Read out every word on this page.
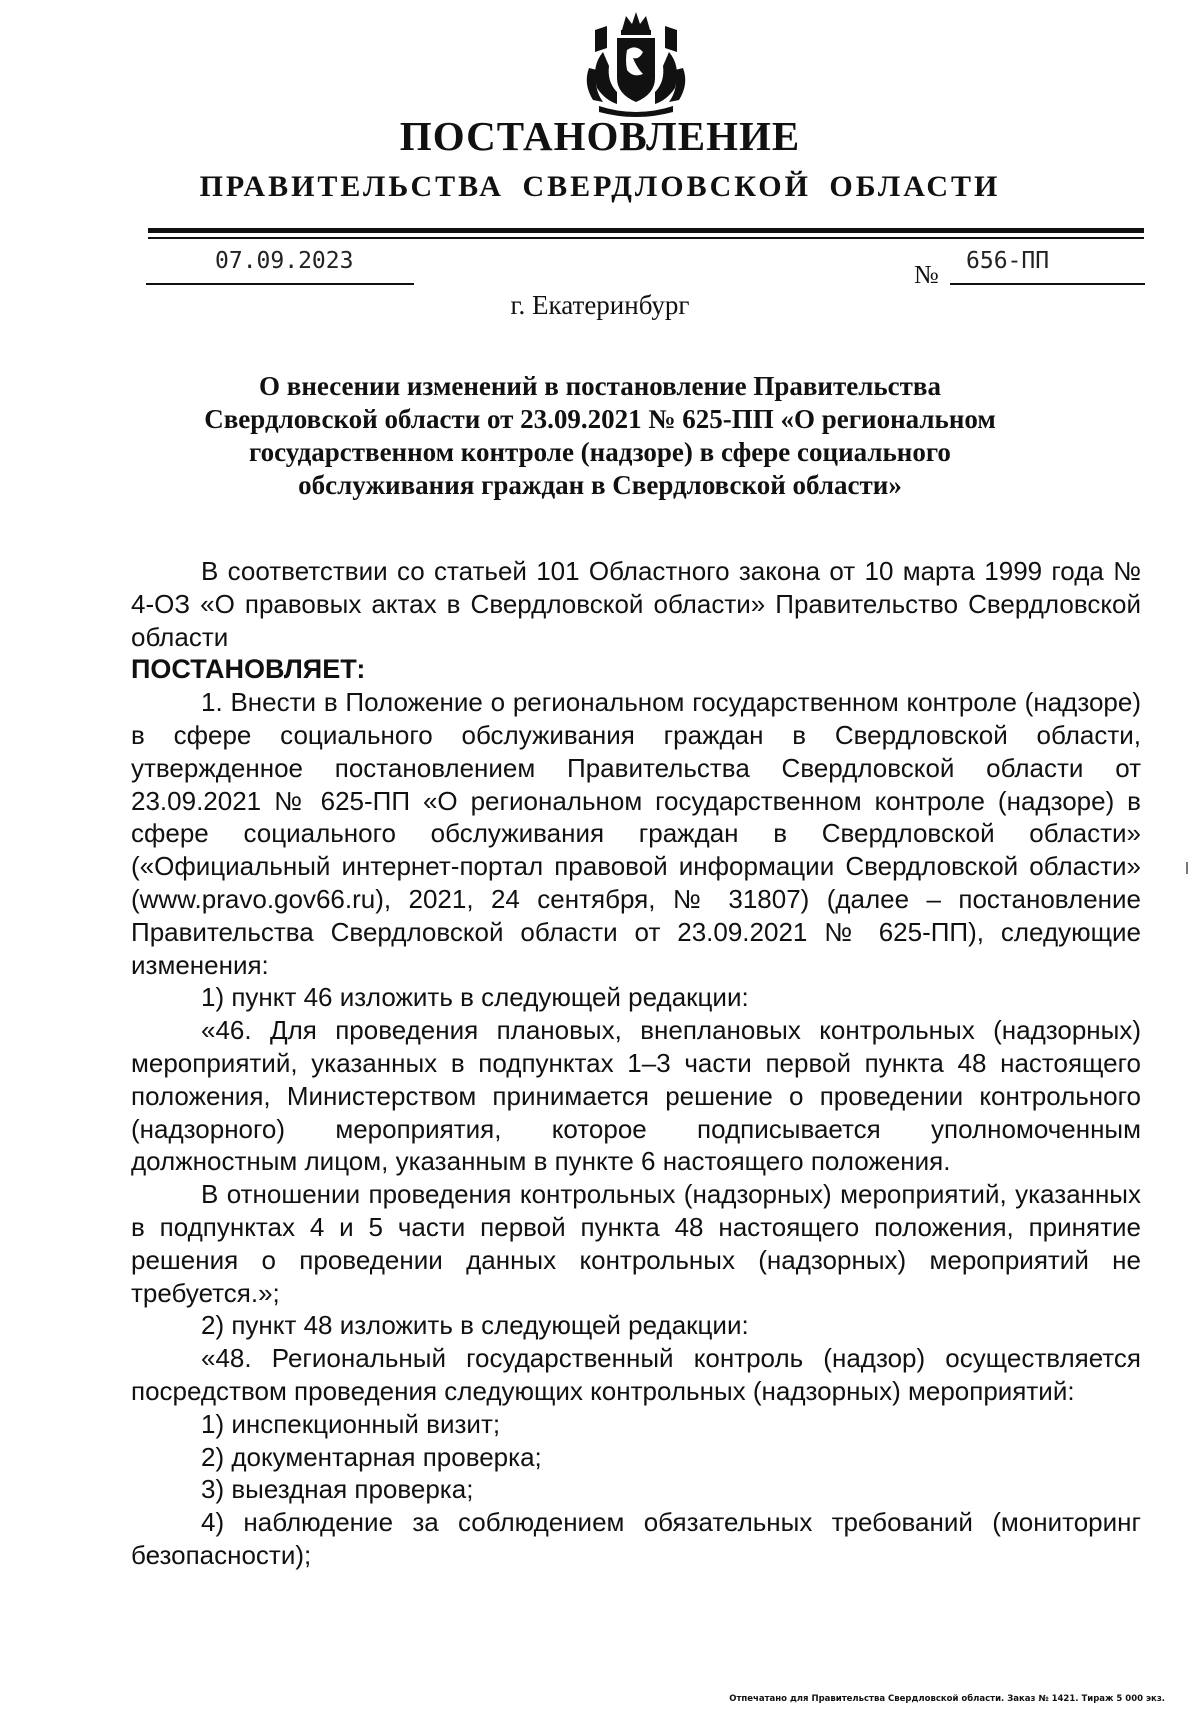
ПОСТАНОВЛЕНИЕ
ПРАВИТЕЛЬСТВА СВЕРДЛОВСКОЙ ОБЛАСТИ
07.09.2023	№ 656-ПП
г. Екатеринбург
О внесении изменений в постановление Правительства Свердловской области от 23.09.2021 № 625-ПП «О региональном государственном контроле (надзоре) в сфере социального обслуживания граждан в Свердловской области»

В соответствии со статьей 101 Областного закона от 10 марта 1999 года № 4-ОЗ «О правовых актах в Свердловской области» Правительство Свердловской области

ПОСТАНОВЛЯЕТ:

1. Внести в Положение о региональном государственном контроле (надзоре) в сфере социального обслуживания граждан в Свердловской области, утвержденное постановлением Правительства Свердловской области от 23.09.2021 № 625-ПП «О региональном государственном контроле (надзоре) в сфере социального обслуживания граждан в Свердловской области» («Официальный интернет-портал правовой информации Свердловской области» (www.pravo.gov66.ru), 2021, 24 сентября, № 31807) (далее – постановление Правительства Свердловской области от 23.09.2021 № 625-ПП), следующие изменения:

1) пункт 46 изложить в следующей редакции:

«46. Для проведения плановых, внеплановых контрольных (надзорных) мероприятий, указанных в подпунктах 1–3 части первой пункта 48 настоящего положения, Министерством принимается решение о проведении контрольного (надзорного) мероприятия, которое подписывается уполномоченным должностным лицом, указанным в пункте 6 настоящего положения.

В отношении проведения контрольных (надзорных) мероприятий, указанных в подпунктах 4 и 5 части первой пункта 48 настоящего положения, принятие решения о проведении данных контрольных (надзорных) мероприятий не требуется.»;

2) пункт 48 изложить в следующей редакции:

«48. Региональный государственный контроль (надзор) осуществляется посредством проведения следующих контрольных (надзорных) мероприятий:

1) инспекционный визит;

2) документарная проверка;

3) выездная проверка;

4) наблюдение за соблюдением обязательных требований (мониторинг безопасности);

Отпечатано для Правительства Свердловской области. Заказ № 1421. Тираж 5 000 экз.
